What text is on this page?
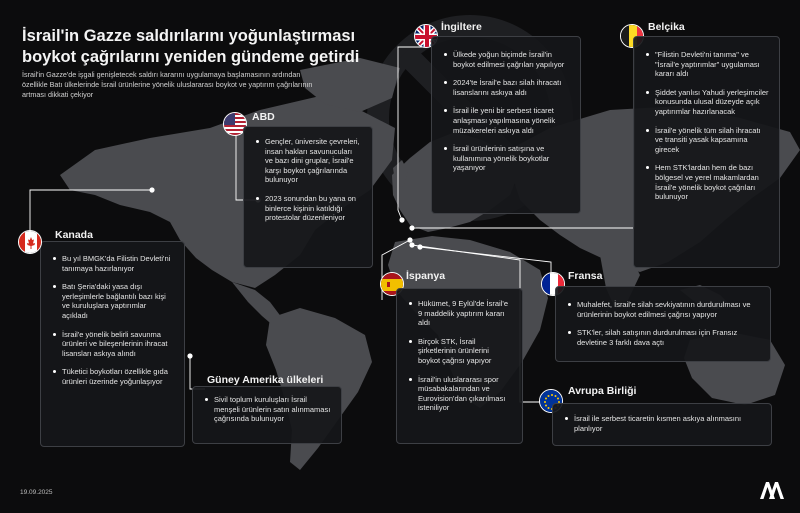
İsrail'in Gazze saldırılarını yoğunlaştırması boykot çağrılarını yeniden gündeme getirdi
İsrail'in Gazze'de işgali genişletecek saldırı kararını uygulamaya başlamasının ardından özellikle Batı ülkelerinde İsrail ürünlerine yönelik uluslararası boykot ve yaptırım çağrılarının artması dikkati çekiyor
ABD
Gençler, üniversite çevreleri, insan hakları savunucuları ve bazı dini gruplar, İsrail'e karşı boykot çağrılarında bulunuyor
2023 sonundan bu yana on binlerce kişinin katıldığı protestolar düzenleniyor
Bu yıl BMGK'da Filistin Devleti'ni tanımaya hazırlanıyor
Batı Şeria'daki yasa dışı yerleşimlerle bağlantılı bazı kişi ve kuruluşlara yaptırımlar açıkladı
İsrail'e yönelik belirli savunma ürünleri ve bileşenlerinin ihracat lisansları askıya alındı
Tüketici boykotları özellikle gıda ürünleri üzerinde yoğunlaşıyor
Kanada
Güney Amerika ülkeleri
Sivil toplum kuruluşları İsrail menşeli ürünlerin satın alınmaması çağrısında bulunuyor
İngiltere
Ülkede yoğun biçimde İsrail'in boykot edilmesi çağrıları yapılıyor
2024'te İsrail'e bazı silah ihracatı lisanslarını askıya aldı
İsrail ile yeni bir serbest ticaret anlaşması yapılmasına yönelik müzakereleri askıya aldı
İsrail ürünlerinin satışına ve kullanımına yönelik boykotlar yaşanıyor
Belçika
"Filistin Devleti'ni tanıma" ve "İsrail'e yaptırımlar" uygulaması kararı aldı
Şiddet yanlısı Yahudi yerleşimciler konusunda ulusal düzeyde açık yaptırımlar hazırlanacak
İsrail'e yönelik tüm silah ihracatı ve transiti yasak kapsamına girecek
Hem STK'lardan hem de bazı bölgesel ve yerel makamlardan İsrail'e yönelik boykot çağrıları bulunuyor
İspanya
Hükümet, 9 Eylül'de İsrail'e 9 maddelik yaptırım kararı aldı
Birçok STK, İsrail şirketlerinin ürünlerini boykot çağrısı yapıyor
İsrail'in uluslararası spor müsabakalarından ve Eurovision'dan çıkarılması isteniliyor
Fransa
Muhalefet, İsrail'e silah sevkiyatının durdurulması ve ürünlerinin boykot edilmesi çağrısı yapıyor
STK'ler, silah satışının durdurulması için Fransız devletine 3 farklı dava açtı
Avrupa Birliği
İsrail ile serbest ticaretin kısmen askıya alınmasını planlıyor
19.09.2025
